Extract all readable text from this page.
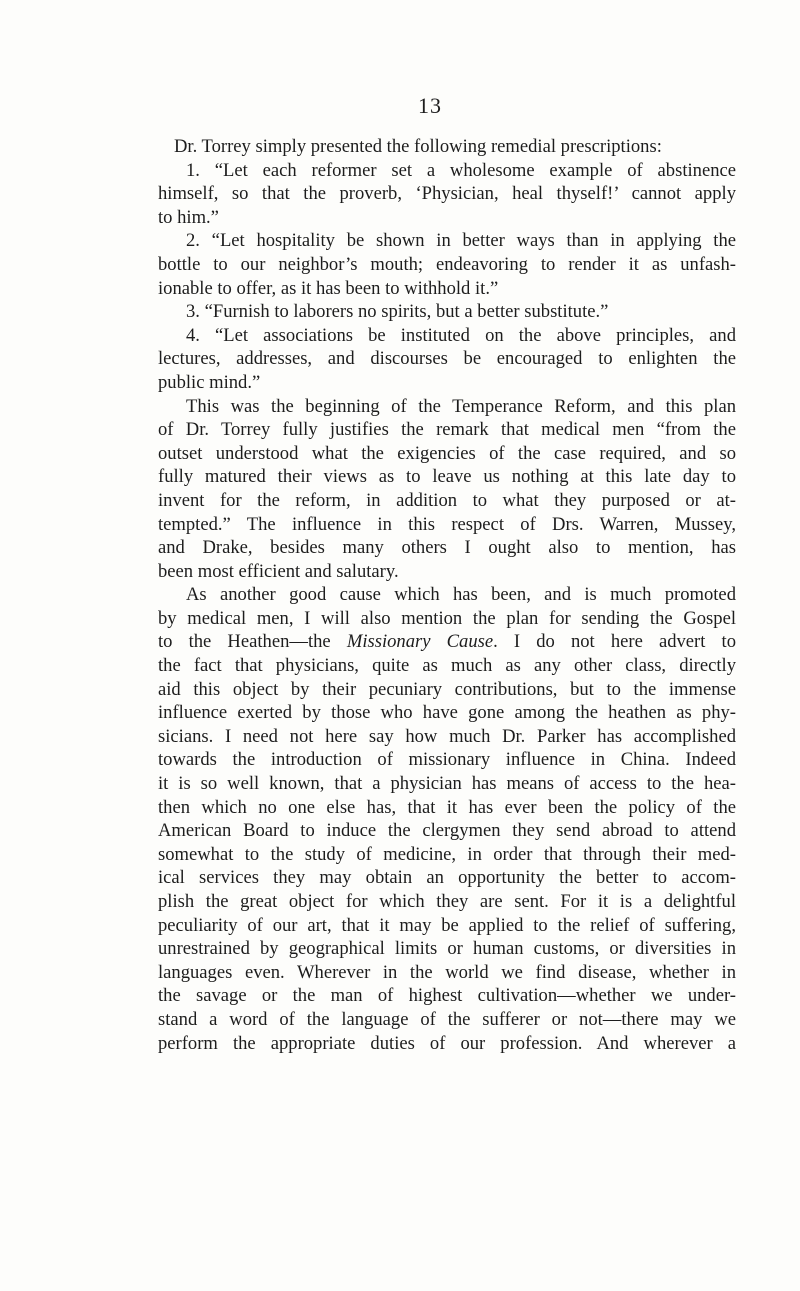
13
Dr. Torrey simply presented the following remedial prescriptions:
1. “Let each reformer set a wholesome example of abstinence
himself, so that the proverb, ‘Physician, heal thyself!’ cannot apply
to him.”
2. “Let hospitality be shown in better ways than in applying the
bottle to our neighbor’s mouth; endeavoring to render it as unfash-
ionable to offer, as it has been to withhold it.”
3. “Furnish to laborers no spirits, but a better substitute.”
4. “Let associations be instituted on the above principles, and
lectures, addresses, and discourses be encouraged to enlighten the
public mind.”
This was the beginning of the Temperance Reform, and this plan
of Dr. Torrey fully justifies the remark that medical men “from the
outset understood what the exigencies of the case required, and so
fully matured their views as to leave us nothing at this late day to
invent for the reform, in addition to what they purposed or at-
tempted.” The influence in this respect of Drs. Warren, Mussey,
and Drake, besides many others I ought also to mention, has
been most efficient and salutary.
As another good cause which has been, and is much promoted
by medical men, I will also mention the plan for sending the Gospel
to the Heathen—the Missionary Cause. I do not here advert to
the fact that physicians, quite as much as any other class, directly
aid this object by their pecuniary contributions, but to the immense
influence exerted by those who have gone among the heathen as phy-
sicians. I need not here say how much Dr. Parker has accomplished
towards the introduction of missionary influence in China. Indeed
it is so well known, that a physician has means of access to the hea-
then which no one else has, that it has ever been the policy of the
American Board to induce the clergymen they send abroad to attend
somewhat to the study of medicine, in order that through their med-
ical services they may obtain an opportunity the better to accom-
plish the great object for which they are sent. For it is a delightful
peculiarity of our art, that it may be applied to the relief of suffering,
unrestrained by geographical limits or human customs, or diversities in
languages even. Wherever in the world we find disease, whether in
the savage or the man of highest cultivation—whether we under-
stand a word of the language of the sufferer or not—there may we
perform the appropriate duties of our profession. And wherever a
